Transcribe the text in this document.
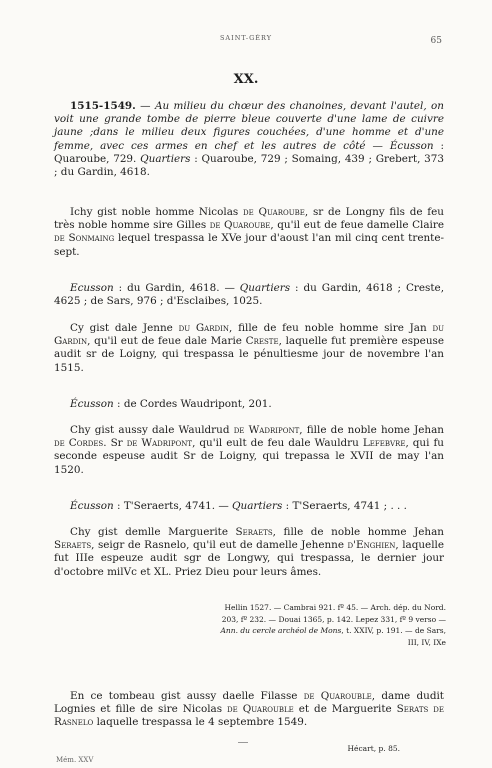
SAINT-GÉRY	65
XX.

1515-1549. — Au milieu du chœur des chanoines, devant l'autel, on voit une grande tombe de pierre bleue couverte d'une lame de cuivre jaune ;dans le milieu deux figures couchées, d'une homme et d'une femme, avec ces armes en chef et les autres de côté — Écusson : Quaroube, 729. Quartiers : Quaroube, 729 ; Somaing, 439 ; Grebert, 373 ; du Gardin, 4618.

Ichy gist noble homme Nicolas de Quaroube, sr de Longny fils de feu très noble homme sire Gilles de Quaroube, qu'il eut de feue damelle Claire de Sonmaing lequel trespassa le XVe jour d'aoust l'an mil cinq cent trente-sept.

Ecusson : du Gardin, 4618. — Quartiers : du Gardin, 4618 ; Creste, 4625 ; de Sars, 976 ; d'Esclaibes, 1025.

Cy gist dale Jenne du Gardin, fille de feu noble homme sire Jan du Gardin, qu'il eut de feue dale Marie Creste, laquelle fut première espeuse audit sr de Loigny, qui trespassa le pénultiesme jour de novembre l'an 1515.

Écusson : de Cordes Waudripont, 201.

Chy gist aussy dale Wauldrud de Wadripont, fille de noble home Jehan de Cordes. Sr de Wadripont, qu'il eult de feu dale Wauldru Lefebvre, qui fu seconde espeuse audit Sr de Loigny, qui trepassa le XVII de may l'an 1520.

Écusson : T'Seraerts, 4741. — Quartiers : T'Seraerts, 4741 ; . . .

Chy gist demlle Marguerite Seraets, fille de noble homme Jehan Seraets, seigr de Rasnelo, qu'il eut de damelle Jehenne d'Enghien, laquelle fut IIIe espeuze audit sgr de Longwy, qui trespassa, le dernier jour d'octobre milVc et XL. Priez Dieu pour leurs âmes.

Hellin 1527. — Cambrai 921. fº 45. — Arch. dép. du Nord. 203, fº 232. — Douai 1365, p. 142. Lepez 331, fº 9 verso — Ann. du cercle archéol de Mons, t. XXIV, p. 191. — de Sars, III, IV, IXe

En ce tombeau gist aussy daelle Filasse de Quarouble, dame dudit Lognies et fille de sire Nicolas de Quarouble et de Marguerite Serats de Rasnelo laquelle trespassa le 4 septembre 1549.

Hécart, p. 85.
Mém. XXV
